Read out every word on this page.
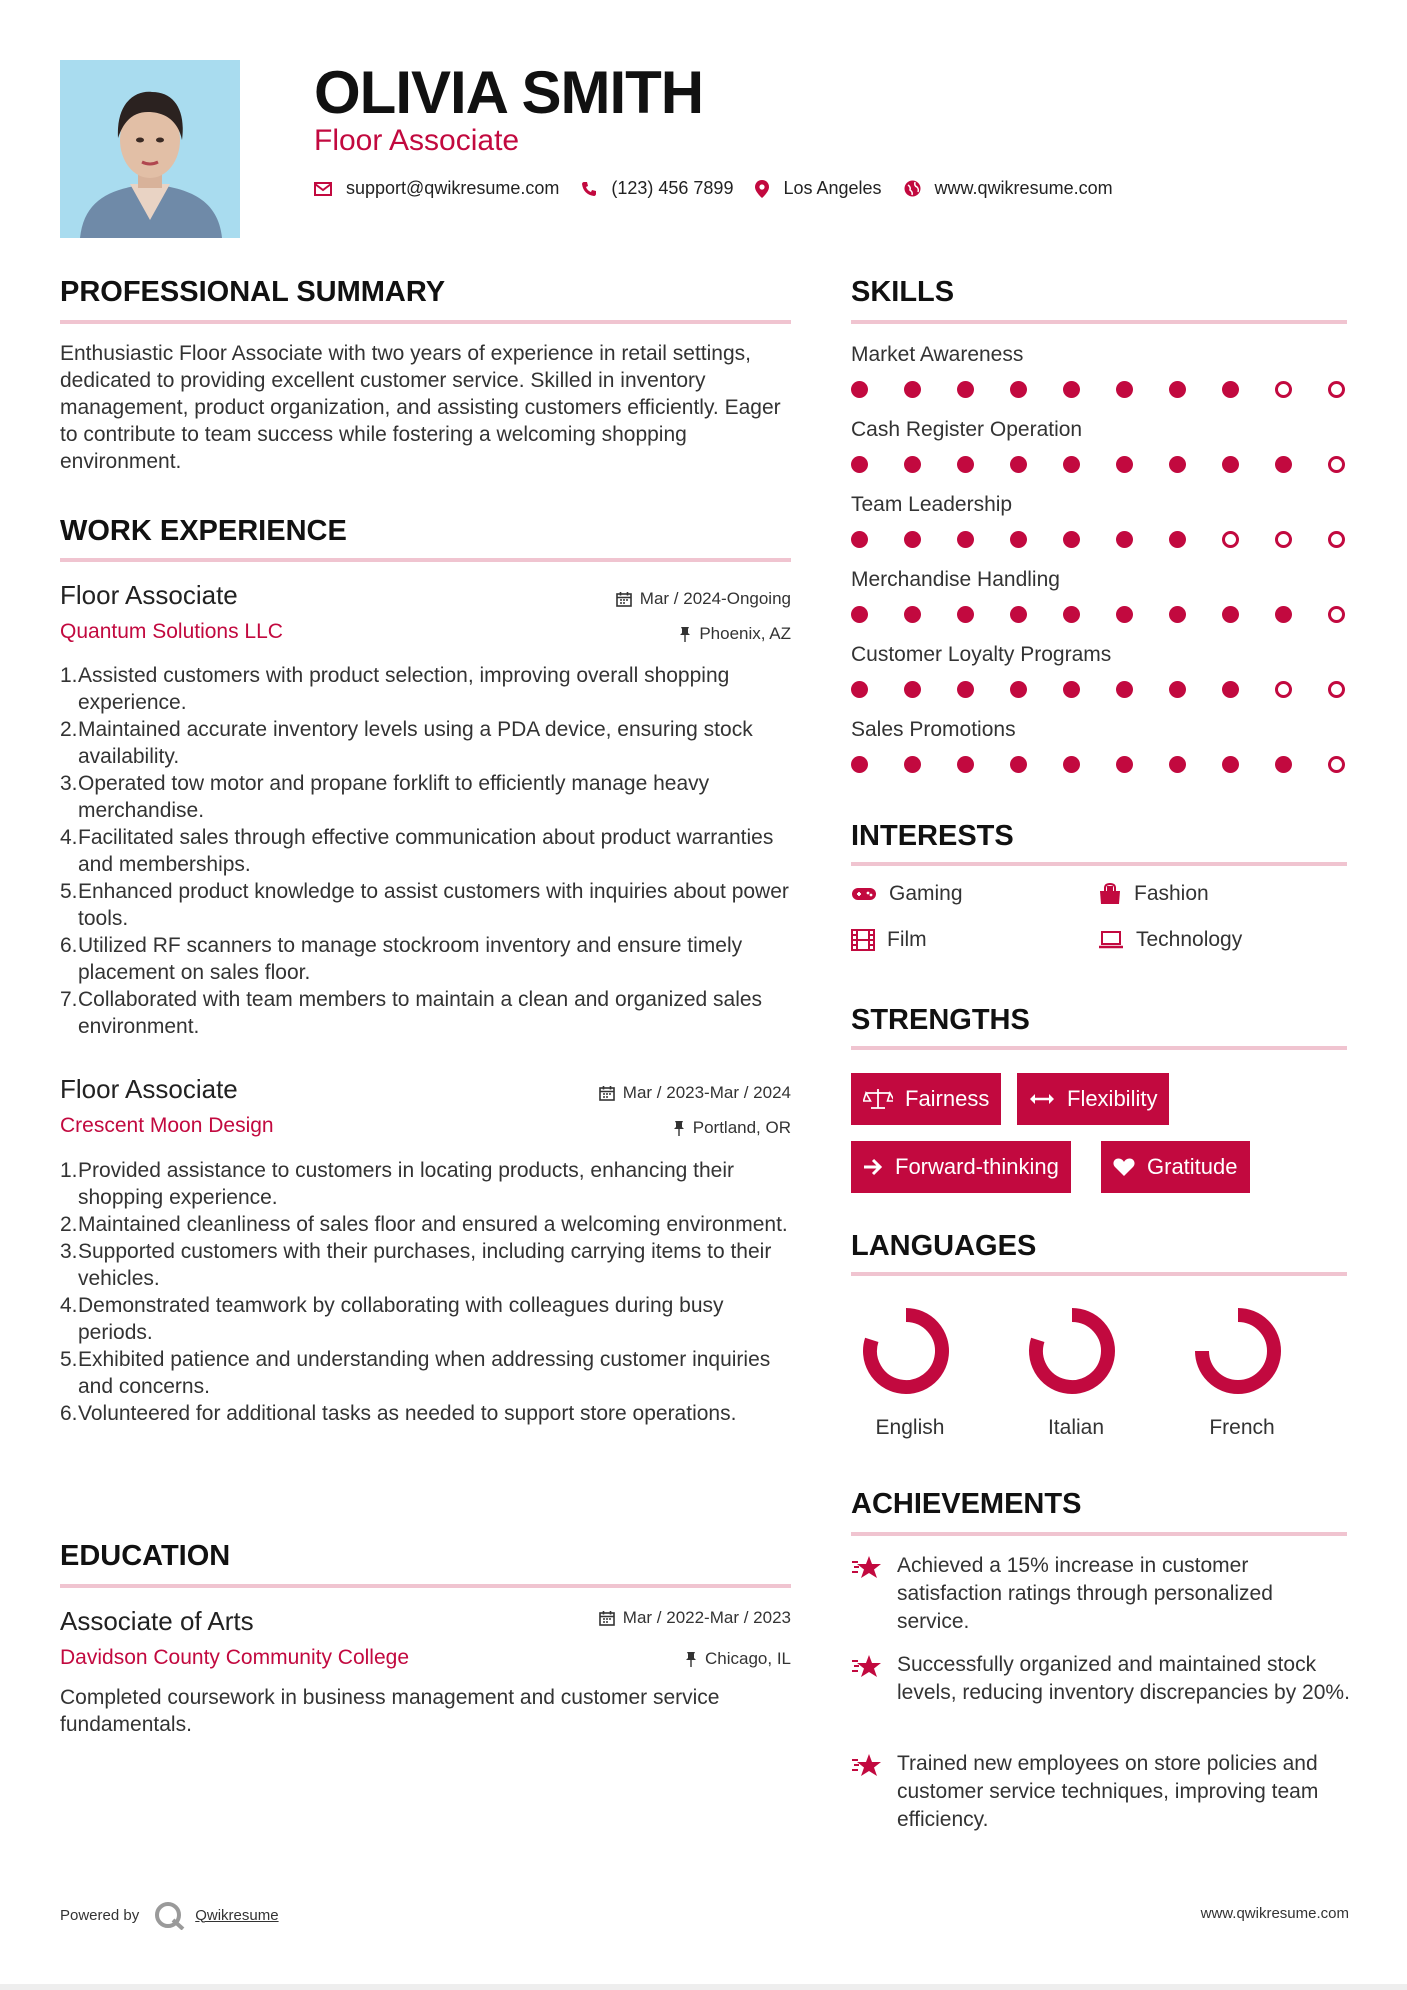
OLIVIA SMITH
Floor Associate
support@qwikresume.com	(123) 456 7899	Los Angeles	www.qwikresume.com
PROFESSIONAL SUMMARY
Enthusiastic Floor Associate with two years of experience in retail settings, dedicated to providing excellent customer service. Skilled in inventory management, product organization, and assisting customers efficiently. Eager to contribute to team success while fostering a welcoming shopping environment.
WORK EXPERIENCE
Floor Associate
Quantum Solutions LLC
Mar / 2024-Ongoing
Phoenix, AZ
1. Assisted customers with product selection, improving overall shopping experience.
2. Maintained accurate inventory levels using a PDA device, ensuring stock availability.
3. Operated tow motor and propane forklift to efficiently manage heavy merchandise.
4. Facilitated sales through effective communication about product warranties and memberships.
5. Enhanced product knowledge to assist customers with inquiries about power tools.
6. Utilized RF scanners to manage stockroom inventory and ensure timely placement on sales floor.
7. Collaborated with team members to maintain a clean and organized sales environment.
Floor Associate
Crescent Moon Design
Mar / 2023-Mar / 2024
Portland, OR
1. Provided assistance to customers in locating products, enhancing their shopping experience.
2. Maintained cleanliness of sales floor and ensured a welcoming environment.
3. Supported customers with their purchases, including carrying items to their vehicles.
4. Demonstrated teamwork by collaborating with colleagues during busy periods.
5. Exhibited patience and understanding when addressing customer inquiries and concerns.
6. Volunteered for additional tasks as needed to support store operations.
EDUCATION
Associate of Arts
Davidson County Community College
Mar / 2022-Mar / 2023
Chicago, IL
Completed coursework in business management and customer service fundamentals.
SKILLS
Market Awareness
Cash Register Operation
Team Leadership
Merchandise Handling
Customer Loyalty Programs
Sales Promotions
INTERESTS
Gaming	Fashion
Film	Technology
STRENGTHS
Fairness	Flexibility
Forward-thinking	Gratitude
LANGUAGES
English	Italian	French
ACHIEVEMENTS

Achieved a 15% increase in customer satisfaction ratings through personalized service.

Successfully organized and maintained stock levels, reducing inventory discrepancies by 20%.

Trained new employees on store policies and customer service techniques, improving team efficiency.

Powered by	Qwikresume	www.qwikresume.com
